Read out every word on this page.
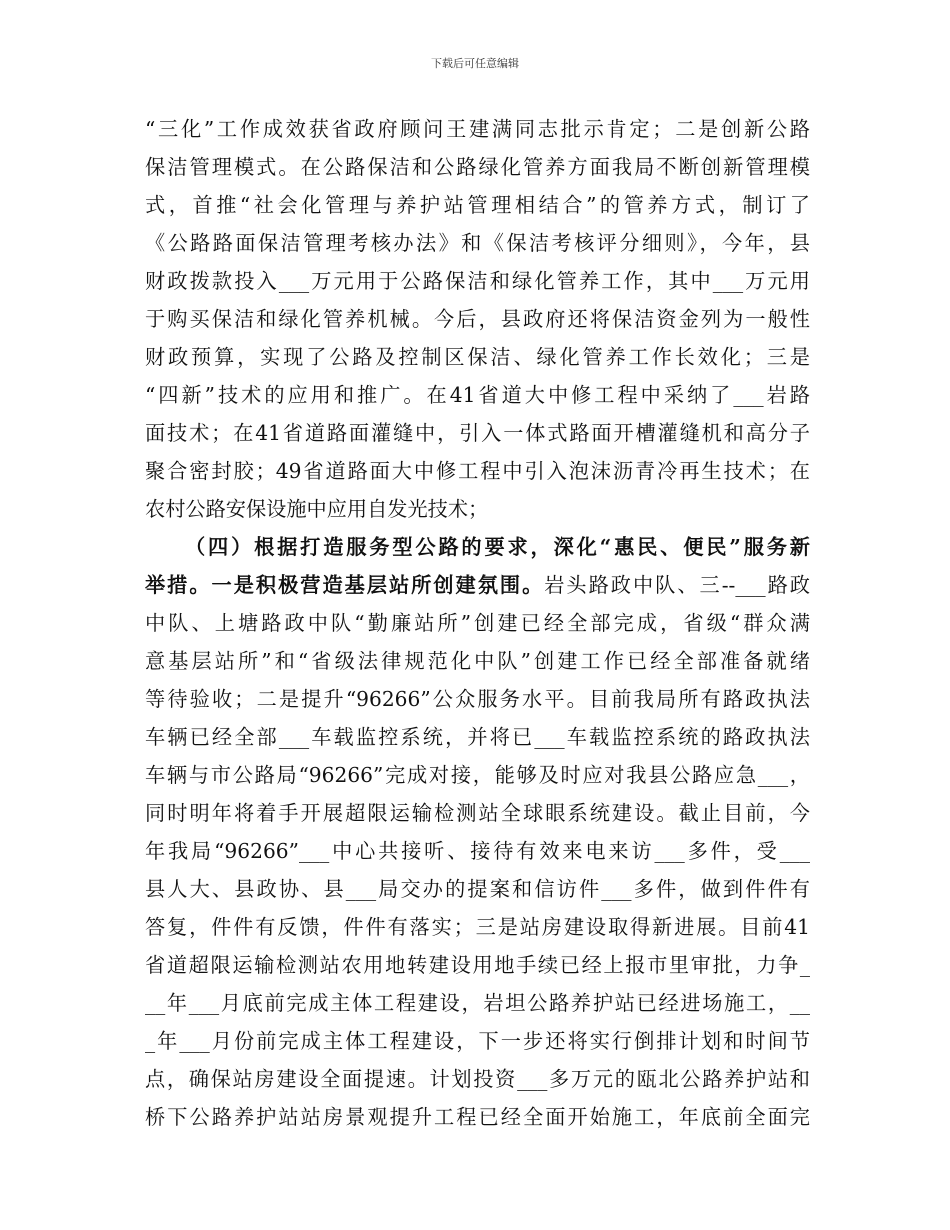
下载后可任意编辑
“三化”工作成效获省政府顾问王建满同志批示肯定；二是创新公路
保洁管理模式。在公路保洁和公路绿化管养方面我局不断创新管理模
式，首推“社会化管理与养护站管理相结合”的管养方式，制订了
《公路路面保洁管理考核办法》和《保洁考核评分细则》，今年，县
财政拨款投入___万元用于公路保洁和绿化管养工作，其中___万元用
于购买保洁和绿化管养机械。今后，县政府还将保洁资金列为一般性
财政预算，实现了公路及控制区保洁、绿化管养工作长效化；三是
“四新”技术的应用和推广。在41省道大中修工程中采纳了___岩路
面技术；在41省道路面灌缝中，引入一体式路面开槽灌缝机和高分子
聚合密封胶；49省道路面大中修工程中引入泡沫沥青冷再生技术；在
农村公路安保设施中应用自发光技术；
（四）根据打造服务型公路的要求，深化“惠民、便民”服务新
举措。一是积极营造基层站所创建氛围。岩头路政中队、三--___路政
中队、上塘路政中队“勤廉站所”创建已经全部完成，省级“群众满
意基层站所”和“省级法律规范化中队”创建工作已经全部准备就绪
等待验收；二是提升“96266”公众服务水平。目前我局所有路政执法
车辆已经全部___车载监控系统，并将已___车载监控系统的路政执法
车辆与市公路局“96266”完成对接，能够及时应对我县公路应急___，
同时明年将着手开展超限运输检测站全球眼系统建设。截止目前，今
年我局“96266”___中心共接听、接待有效来电来访___多件，受___
县人大、县政协、县___局交办的提案和信访件___多件，做到件件有
答复，件件有反馈，件件有落实；三是站房建设取得新进展。目前41
省道超限运输检测站农用地转建设用地手续已经上报市里审批，力争_
__年___月底前完成主体工程建设，岩坦公路养护站已经进场施工，__
_年___月份前完成主体工程建设，下一步还将实行倒排计划和时间节
点，确保站房建设全面提速。计划投资___多万元的瓯北公路养护站和
桥下公路养护站站房景观提升工程已经全面开始施工，年底前全面完
